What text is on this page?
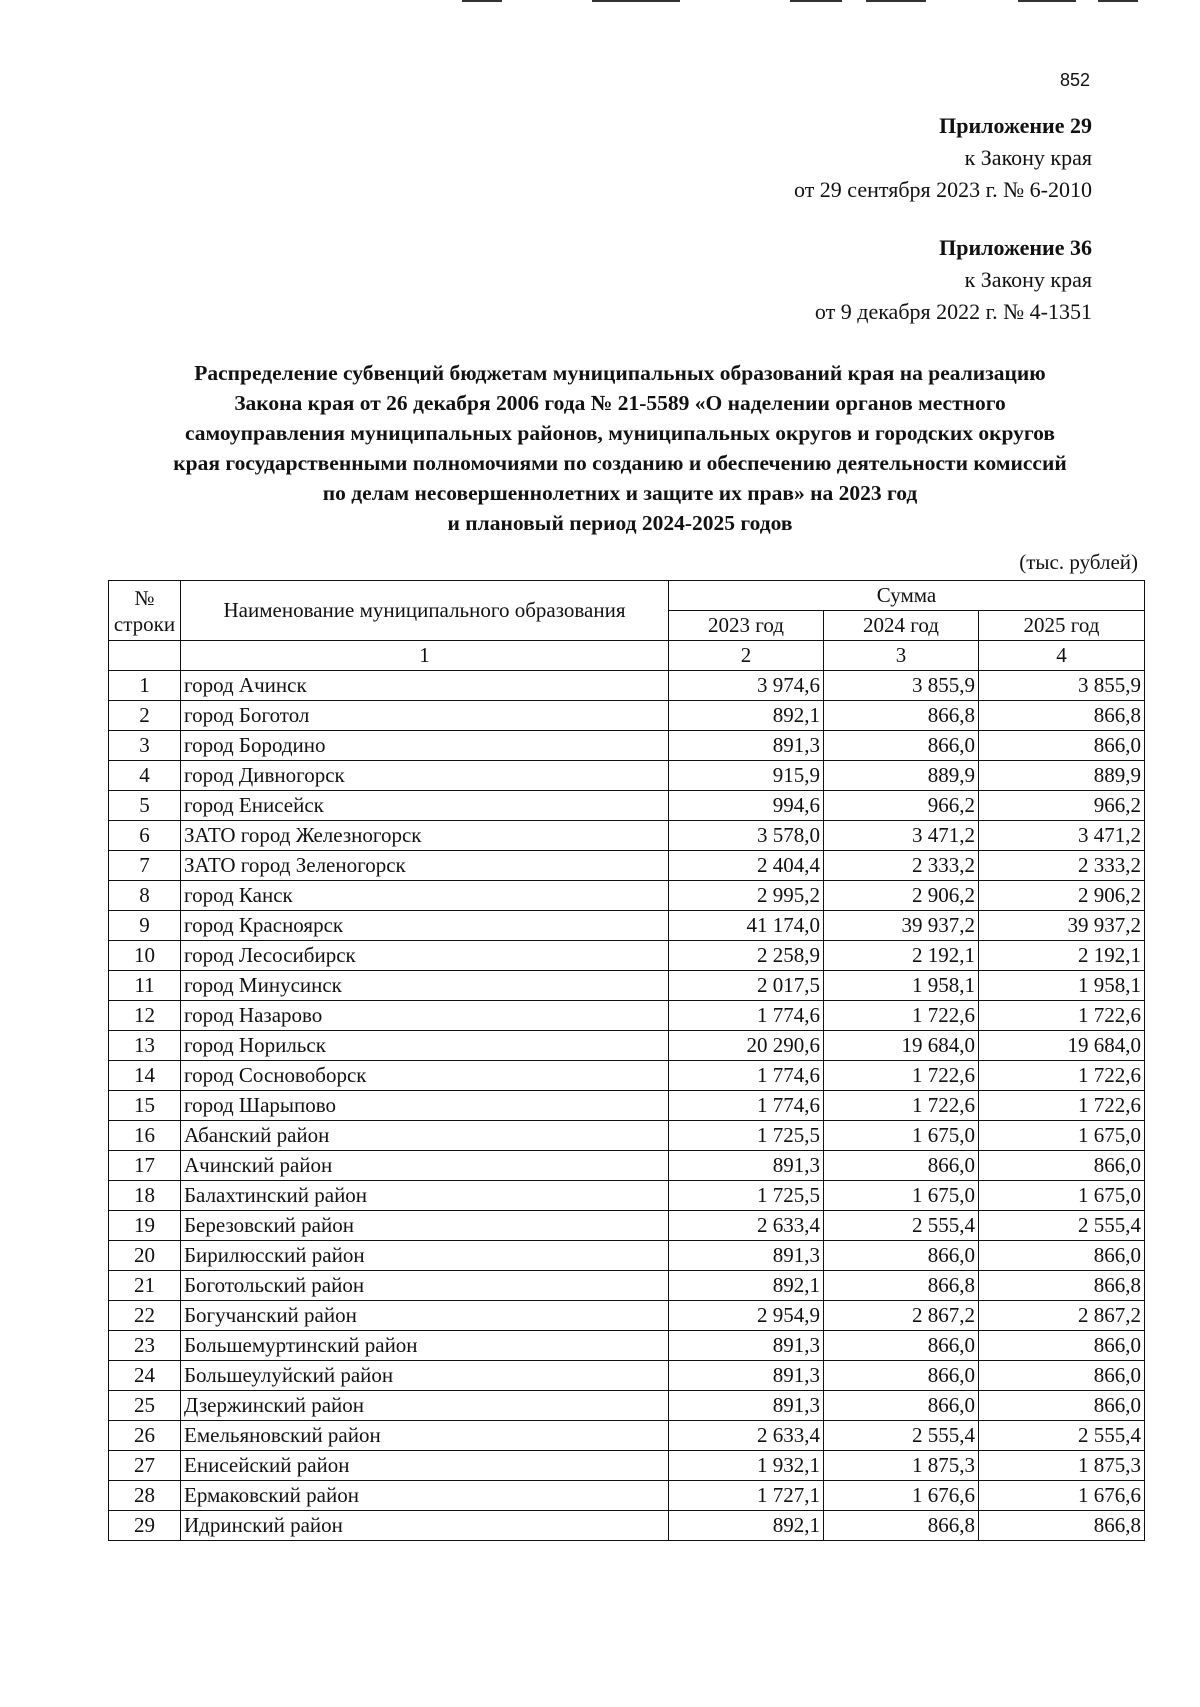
852
Приложение 29
к Закону края
от 29 сентября 2023 г. № 6-2010
Приложение 36
к Закону края
от 9 декабря 2022 г. № 4-1351
Распределение субвенций бюджетам муниципальных образований края на реализацию
Закона края от 26 декабря 2006 года № 21-5589 «О наделении органов местного
самоуправления муниципальных районов, муниципальных округов и городских округов
края государственными полномочиями по созданию и обеспечению деятельности комиссий
по делам несовершеннолетних и защите их прав» на 2023 год
и плановый период 2024-2025 годов
(тыс. рублей)
№ строки	Наименование муниципального образования	Сумма		
		2023 год	2024 год	2025 год
	1	2	3	4
1	город Ачинск	3 974,6	3 855,9	3 855,9
2	город Боготол	892,1	866,8	866,8
3	город Бородино	891,3	866,0	866,0
4	город Дивногорск	915,9	889,9	889,9
5	город Енисейск	994,6	966,2	966,2
6	ЗАТО город Железногорск	3 578,0	3 471,2	3 471,2
7	ЗАТО город Зеленогорск	2 404,4	2 333,2	2 333,2
8	город Канск	2 995,2	2 906,2	2 906,2
9	город Красноярск	41 174,0	39 937,2	39 937,2
10	город Лесосибирск	2 258,9	2 192,1	2 192,1
11	город Минусинск	2 017,5	1 958,1	1 958,1
12	город Назарово	1 774,6	1 722,6	1 722,6
13	город Норильск	20 290,6	19 684,0	19 684,0
14	город Сосновоборск	1 774,6	1 722,6	1 722,6
15	город Шарыпово	1 774,6	1 722,6	1 722,6
16	Абанский район	1 725,5	1 675,0	1 675,0
17	Ачинский район	891,3	866,0	866,0
18	Балахтинский район	1 725,5	1 675,0	1 675,0
19	Березовский район	2 633,4	2 555,4	2 555,4
20	Бирилюсский район	891,3	866,0	866,0
21	Боготольский район	892,1	866,8	866,8
22	Богучанский район	2 954,9	2 867,2	2 867,2
23	Большемуртинский район	891,3	866,0	866,0
24	Большеулуйский район	891,3	866,0	866,0
25	Дзержинский район	891,3	866,0	866,0
26	Емельяновский район	2 633,4	2 555,4	2 555,4
27	Енисейский район	1 932,1	1 875,3	1 875,3
28	Ермаковский район	1 727,1	1 676,6	1 676,6
29	Идринский район	892,1	866,8	866,8
